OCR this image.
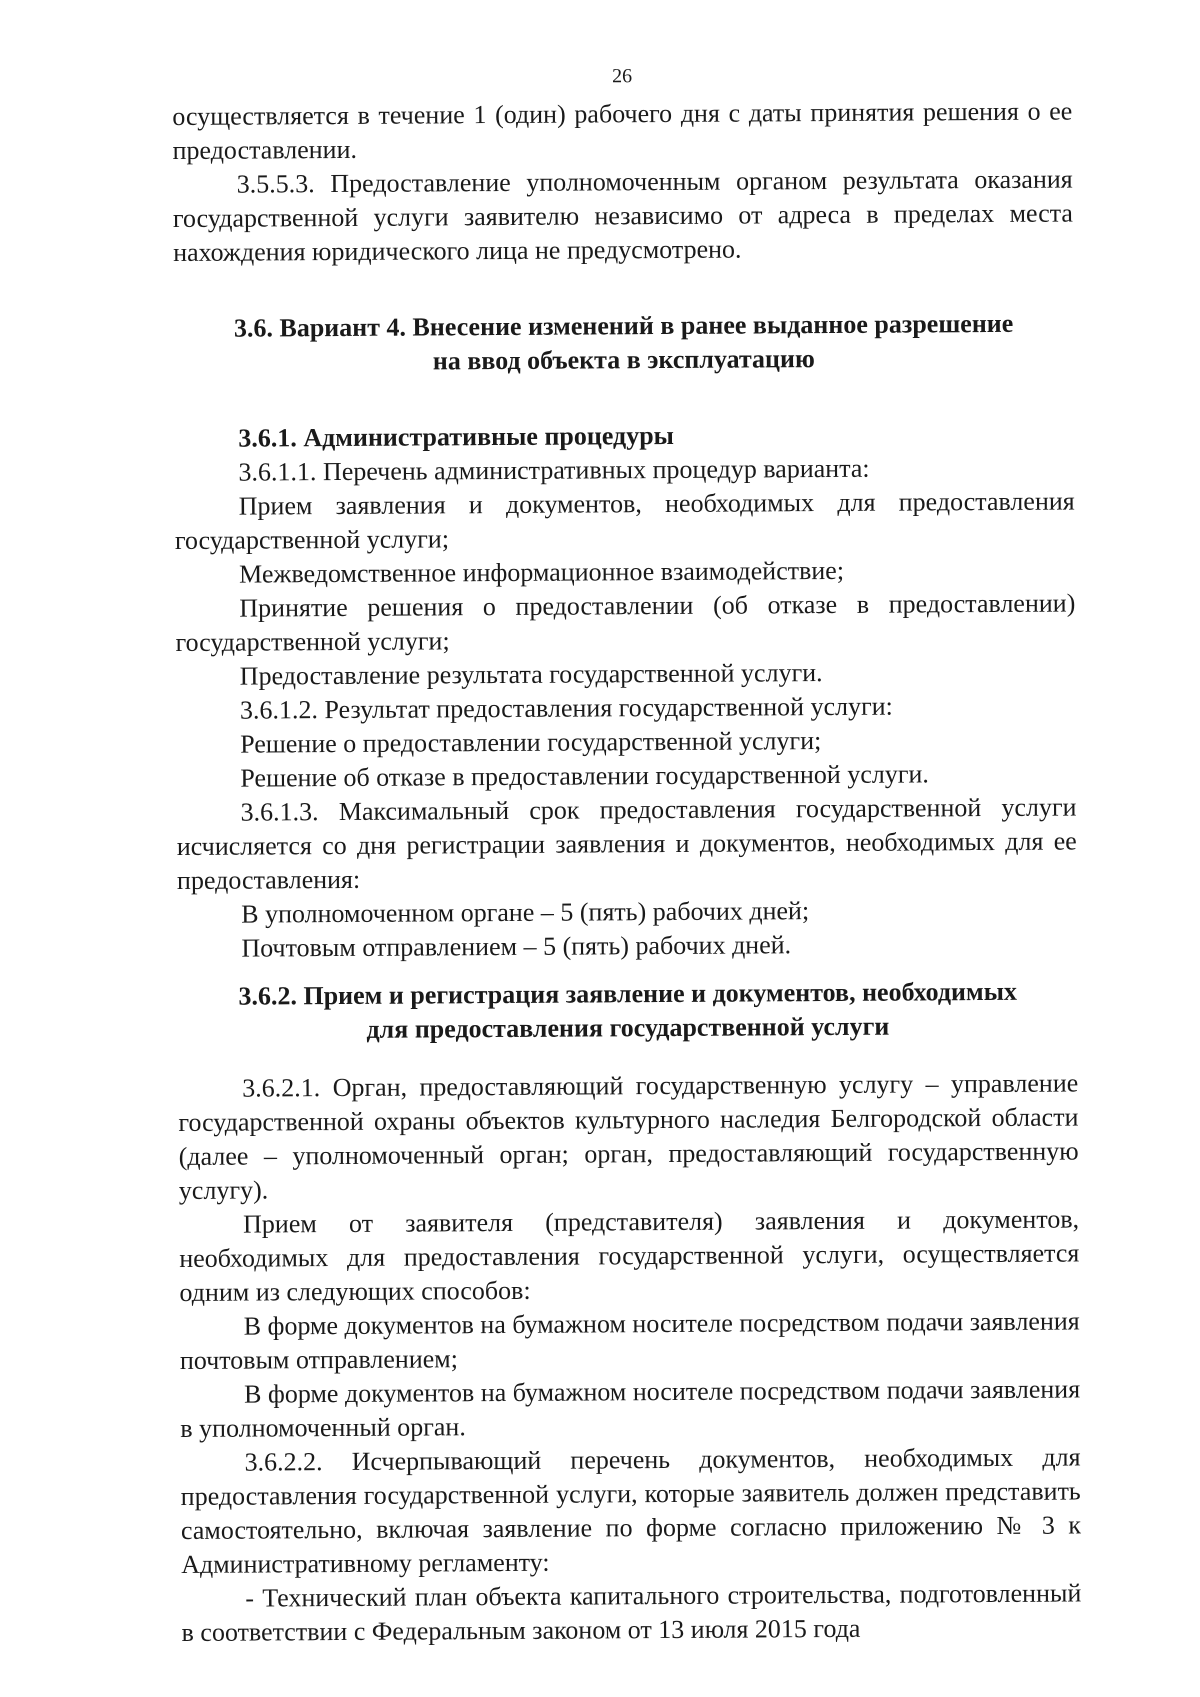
26

осуществляется в течение 1 (один) рабочего дня с даты принятия решения о ее предоставлении.

3.5.5.3. Предоставление уполномоченным органом результата оказания государственной услуги заявителю независимо от адреса в пределах места нахождения юридического лица не предусмотрено.

3.6. Вариант 4. Внесение изменений в ранее выданное разрешение

на ввод объекта в эксплуатацию

3.6.1. Административные процедуры

3.6.1.1. Перечень административных процедур варианта:

Прием заявления и документов, необходимых для предоставления государственной услуги;

Межведомственное информационное взаимодействие;

Принятие решения о предоставлении (об отказе в предоставлении) государственной услуги;

Предоставление результата государственной услуги.

3.6.1.2. Результат предоставления государственной услуги:

Решение о предоставлении государственной услуги;

Решение об отказе в предоставлении государственной услуги.

3.6.1.3. Максимальный срок предоставления государственной услуги исчисляется со дня регистрации заявления и документов, необходимых для ее предоставления:

В уполномоченном органе – 5 (пять) рабочих дней;

Почтовым отправлением – 5 (пять) рабочих дней.

3.6.2. Прием и регистрация заявление и документов, необходимых

для предоставления государственной услуги

3.6.2.1. Орган, предоставляющий государственную услугу – управление государственной охраны объектов культурного наследия Белгородской области (далее – уполномоченный орган; орган, предоставляющий государственную услугу).

Прием от заявителя (представителя) заявления и документов, необходимых для предоставления государственной услуги, осуществляется одним из следующих способов:

В форме документов на бумажном носителе посредством подачи заявления почтовым отправлением;

В форме документов на бумажном носителе посредством подачи заявления в уполномоченный орган.

3.6.2.2. Исчерпывающий перечень документов, необходимых для предоставления государственной услуги, которые заявитель должен представить самостоятельно, включая заявление по форме согласно приложению № 3 к Административному регламенту:

- Технический план объекта капитального строительства, подготовленный в соответствии с Федеральным законом от 13 июля 2015 года
